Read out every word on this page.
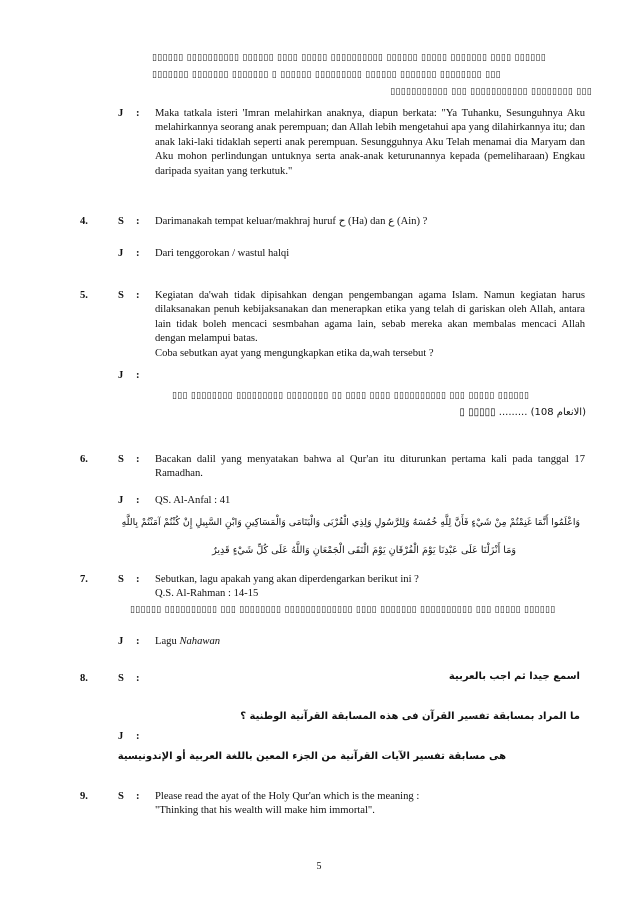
▯▯▯▯▯▯ ▯▯▯▯▯▯▯▯▯▯ ▯▯▯▯▯▯ ▯▯▯▯ ▯▯▯▯▯ ▯▯▯▯▯▯▯▯▯▯ ▯▯▯▯▯▯ ▯▯▯▯▯ ▯▯▯▯▯▯▯ ▯▯▯▯ ▯▯▯▯▯▯
▯▯▯▯▯▯▯ ▯▯▯▯▯▯▯ ▯▯▯▯▯▯▯ ▯ ▯▯▯▯▯▯ ▯▯▯▯▯▯▯▯▯ ▯▯▯▯▯▯ ▯▯▯▯▯▯▯ ▯▯▯▯▯▯▯▯ ▯▯▯
▯▯▯▯▯▯▯▯▯▯▯ ▯▯▯ ▯▯▯▯▯▯▯▯▯▯▯ ▯▯▯▯▯▯▯▯ ▯▯▯
J : Maka tatkala isteri 'Imran melahirkan anaknya, diapun berkata: "Ya Tuhanku, Sesunguhnya Aku melahirkannya seorang anak perempuan; dan Allah lebih mengetahui apa yang dilahirkannya itu; dan anak laki-laki tidaklah seperti anak perempuan. Sesungguhnya Aku Telah menamai dia Maryam dan Aku mohon perlindungan untuknya serta anak-anak keturunannya kepada (pemeliharaan) Engkau daripada syaitan yang terkutuk."
4.	S : Darimanakah tempat keluar/makhraj huruf ح (Ha) dan ع (Ain) ?
J : Dari tenggorokan / wastul halqi
5.	S : Kegiatan da'wah tidak dipisahkan dengan pengembangan agama Islam. Namun kegiatan harus dilaksanakan penuh kebijaksanakan dan menerapkan etika yang telah di gariskan oleh Allah, antara lain tidak boleh mencaci sesmbahan agama lain, sebab mereka akan membalas mencaci Allah dengan melampui batas.
Coba sebutkan ayat yang mengungkapkan etika da,wah tersebut ?
J :
▯▯▯ ▯▯▯▯▯▯▯▯ ▯▯▯▯▯▯▯▯▯ ▯▯▯▯▯▯▯▯ ▯▯ ▯▯▯▯ ▯▯▯▯ ▯▯▯▯▯▯▯▯▯▯ ▯▯▯ ▯▯▯▯▯ ▯▯▯▯▯▯
(الانعام 108) ......... ▯▯▯▯▯ ▯
6.	S : Bacakan dalil yang menyatakan bahwa al Qur'an itu diturunkan pertama kali pada tanggal 17 Ramadhan.
J : QS. Al-Anfal : 41
وَاعْلَمُوا أَنَّمَا غَنِمْتُمْ مِنْ شَيْءٍ فَأَنَّ لِلَّهِ خُمُسَهُ وَلِلرَّسُولِ وَلِذِي الْقُرْبَى وَالْيَتَامَى وَالْمَسَاكِينِ وَابْنِ السَّبِيلِ إِنْ كُنْتُمْ آمَنْتُمْ بِاللَّهِ
وَمَا أَنْزَلْنَا عَلَى عَبْدِنَا يَوْمَ الْفُرْقَانِ يَوْمَ الْتَقَى الْجَمْعَانِ وَاللَّهُ عَلَى كُلِّ شَيْءٍ قَدِيرٌ
7.	S : Sebutkan, lagu apakah yang akan diperdengarkan berikut ini ?
Q.S. Al-Rahman : 14-15
▯▯▯▯▯▯ ▯▯▯▯▯▯▯▯▯▯ ▯▯▯ ▯▯▯▯▯▯▯▯ ▯▯▯▯▯▯▯▯▯▯▯▯▯ ▯▯▯▯ ▯▯▯▯▯▯▯ ▯▯▯▯▯▯▯▯▯▯ ▯▯▯ ▯▯▯▯▯ ▯▯▯▯▯▯
J : Lagu Nahawan
8.	S :	اسمع جيدا ثم اجب بالعربية
ما المراد بمسابقة تفسير القرآن فى هذه المسابقة القرآنية الوطنية ؟
J :
هى مسابقة تفسير الآيات القرآنية من الجزء المعين باللغة العربية أو الإندونيسية
9.	S : Please read the ayat of the Holy Qur'an which is the meaning :
"Thinking that his wealth will make him immortal".
5
